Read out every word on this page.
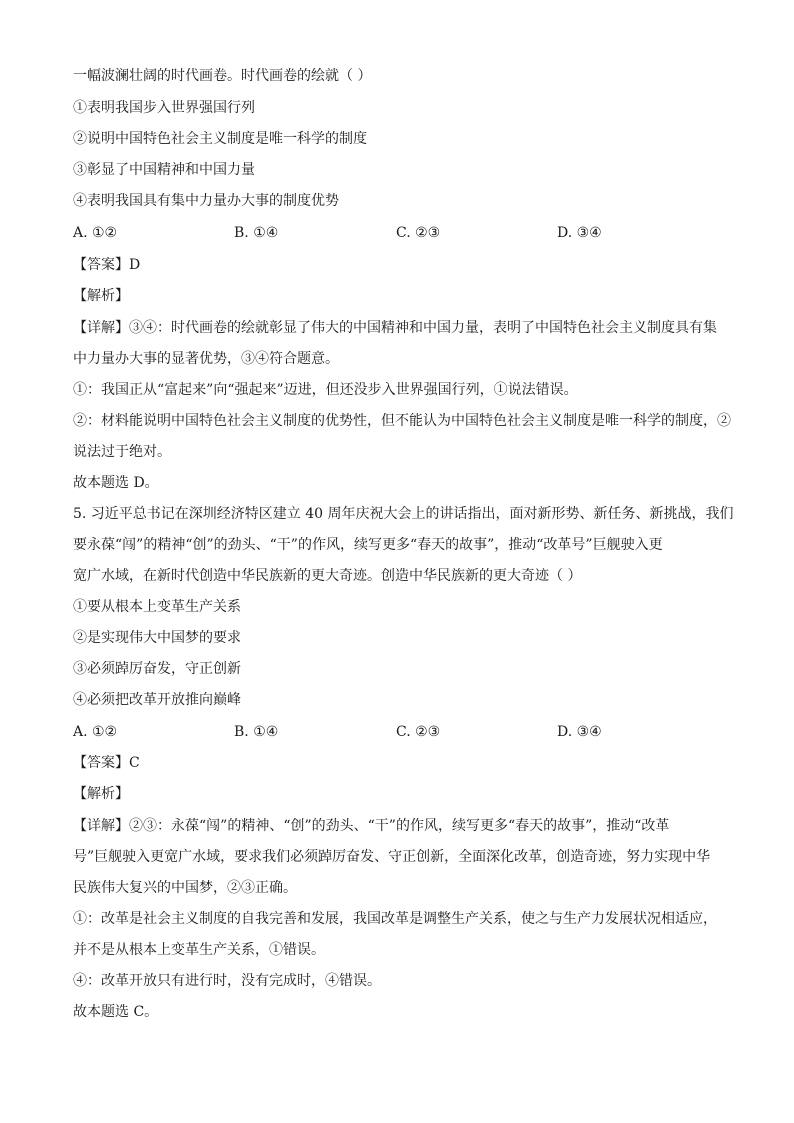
一幅波澜壮阔的时代画卷。时代画卷的绘就（ ）
①表明我国步入世界强国行列
②说明中国特色社会主义制度是唯一科学的制度
③彰显了中国精神和中国力量
④表明我国具有集中力量办大事的制度优势
A. ①②	B. ①④	C. ②③	D. ③④
【答案】D
【解析】
【详解】③④：时代画卷的绘就彰显了伟大的中国精神和中国力量，表明了中国特色社会主义制度具有集
中力量办大事的显著优势，③④符合题意。
①：我国正从“富起来”向“强起来”迈进，但还没步入世界强国行列，①说法错误。
②：材料能说明中国特色社会主义制度的优势性，但不能认为中国特色社会主义制度是唯一科学的制度，②
说法过于绝对。
故本题选 D。
5. 习近平总书记在深圳经济特区建立 40 周年庆祝大会上的讲话指出，面对新形势、新任务、新挑战，我们
要永葆“闯”的精神“创”的劲头、“干”的作风，续写更多“春天的故事”，推动“改革号”巨舰驶入更
宽广水域，在新时代创造中华民族新的更大奇迹。创造中华民族新的更大奇迹（ ）
①要从根本上变革生产关系
②是实现伟大中国梦的要求
③必须踔厉奋发，守正创新
④必须把改革开放推向巅峰
A. ①②	B. ①④	C. ②③	D. ③④
【答案】C
【解析】
【详解】②③：永葆“闯”的精神、“创”的劲头、“干”的作风，续写更多“春天的故事”，推动“改革
号”巨舰驶入更宽广水域，要求我们必须踔厉奋发、守正创新，全面深化改革，创造奇迹，努力实现中华
民族伟大复兴的中国梦，②③正确。
①：改革是社会主义制度的自我完善和发展，我国改革是调整生产关系，使之与生产力发展状况相适应，
并不是从根本上变革生产关系，①错误。
④：改革开放只有进行时，没有完成时，④错误。
故本题选 C。
